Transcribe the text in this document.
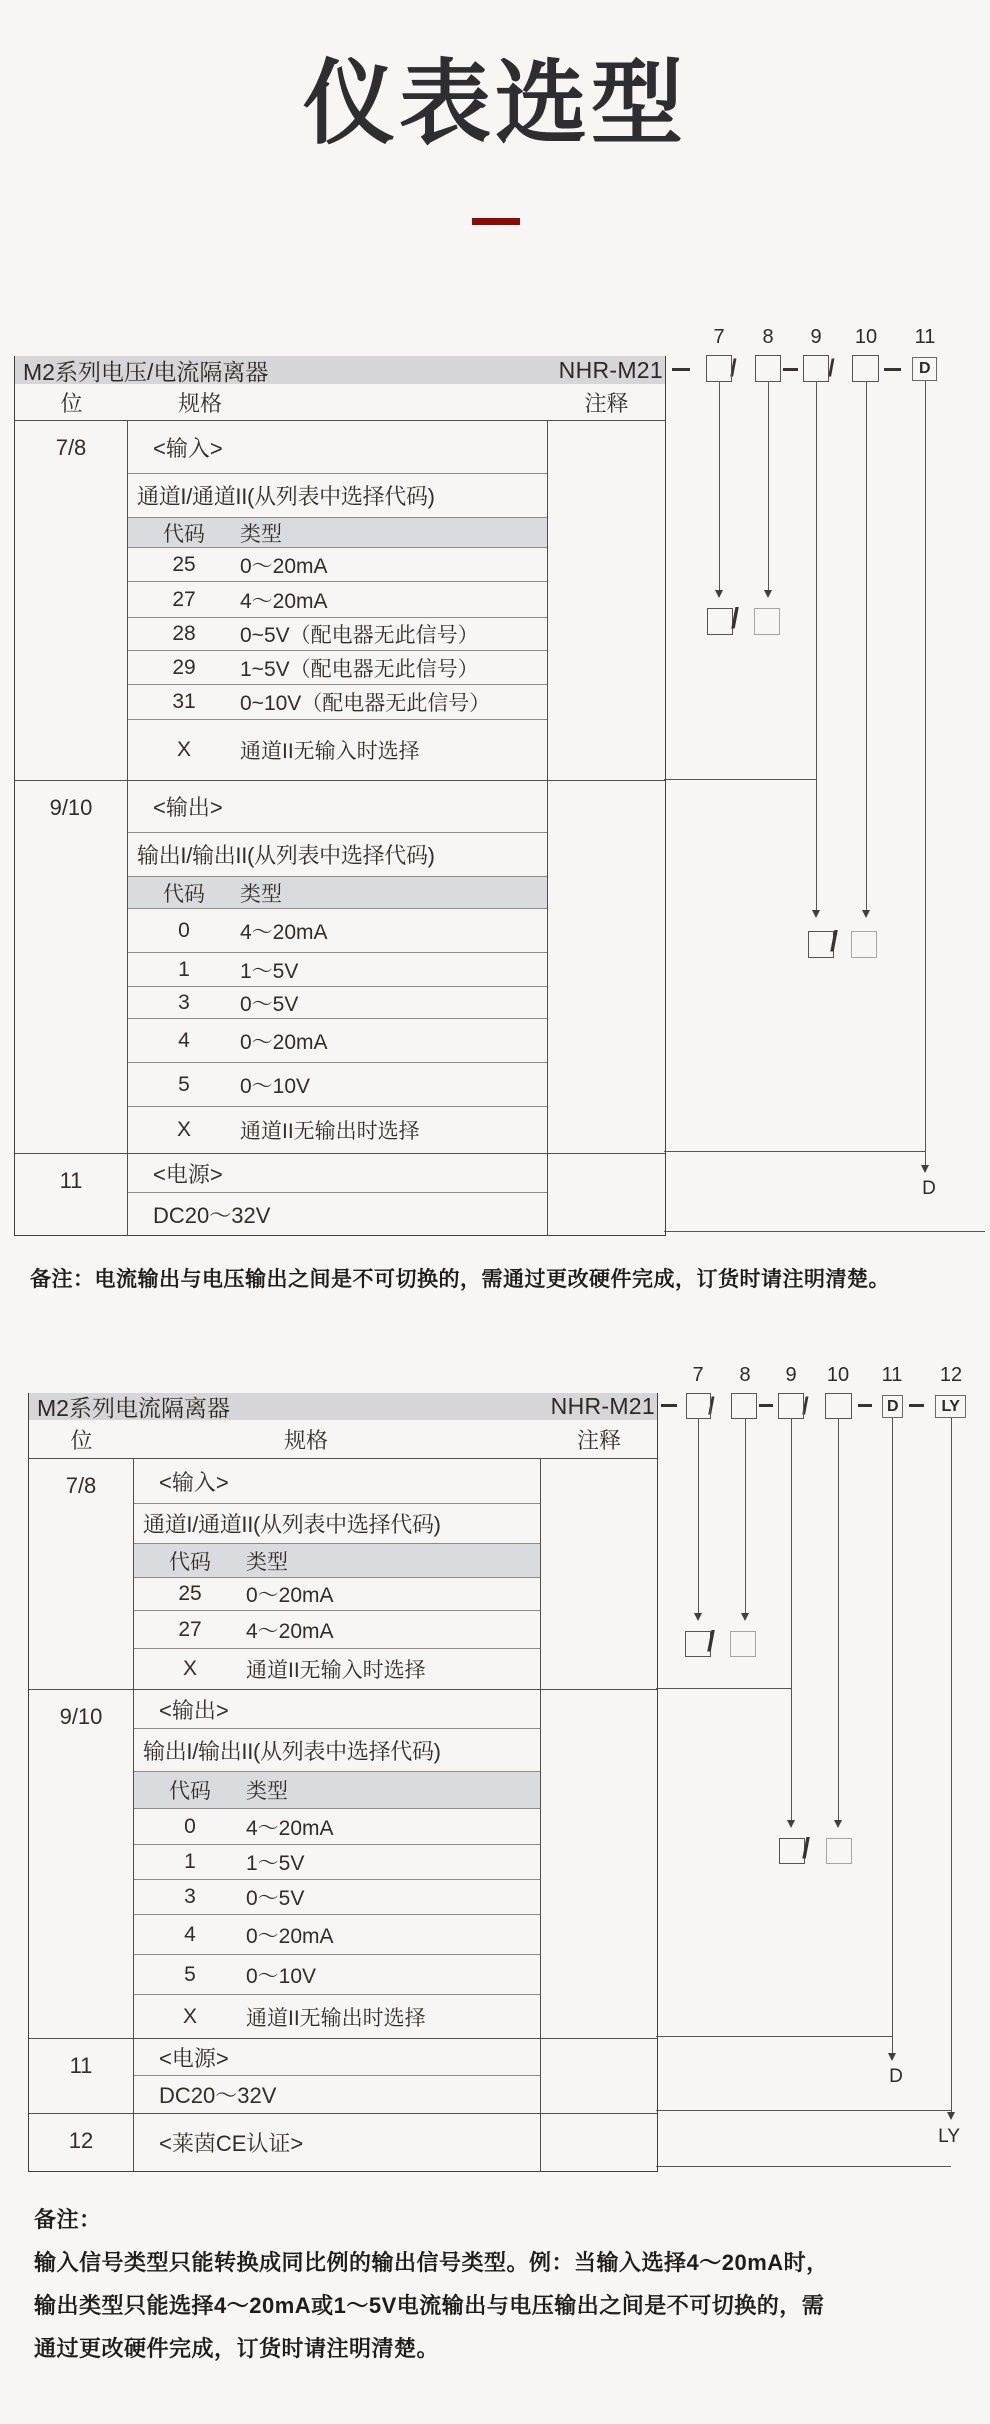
仪表选型
M2系列电压/电流隔离器	NHR-M21
位	规格	注释
7/8	<输入>
通道I/通道II(从列表中选择代码)
代码	类型
25	0～20mA
27	4～20mA
28	0~5V（配电器无此信号）
29	1~5V（配电器无此信号）
31	0~10V（配电器无此信号）
X	通道II无输入时选择
9/10	<输出>
输出I/输出II(从列表中选择代码)
代码	类型
0	4～20mA
1	1～5V
3	0～5V
4	0～20mA
5	0～10V
X	通道II无输出时选择
11	<电源>
DC20～32V
7 8 9 10 11
/	/	D
/
/
D
备注：电流输出与电压输出之间是不可切换的，需通过更改硬件完成，订货时请注明清楚。
M2系列电流隔离器	NHR-M21
位	规格	注释
7/8	<输入>
通道I/通道II(从列表中选择代码)
代码	类型
25	0～20mA
27	4～20mA
X	通道II无输入时选择
9/10	<输出>
输出I/输出II(从列表中选择代码)
代码	类型
0	4～20mA
1	1～5V
3	0～5V
4	0～20mA
5	0～10V
X	通道II无输出时选择
11	<电源>
DC20～32V
12	<莱茵CE认证>
7 8 9 10 11 12
/	/	D	LY
/
/
D
LY
备注：
输入信号类型只能转换成同比例的输出信号类型。例：当输入选择4～20mA时，
输出类型只能选择4～20mA或1～5V电流输出与电压输出之间是不可切换的，需
通过更改硬件完成，订货时请注明清楚。
